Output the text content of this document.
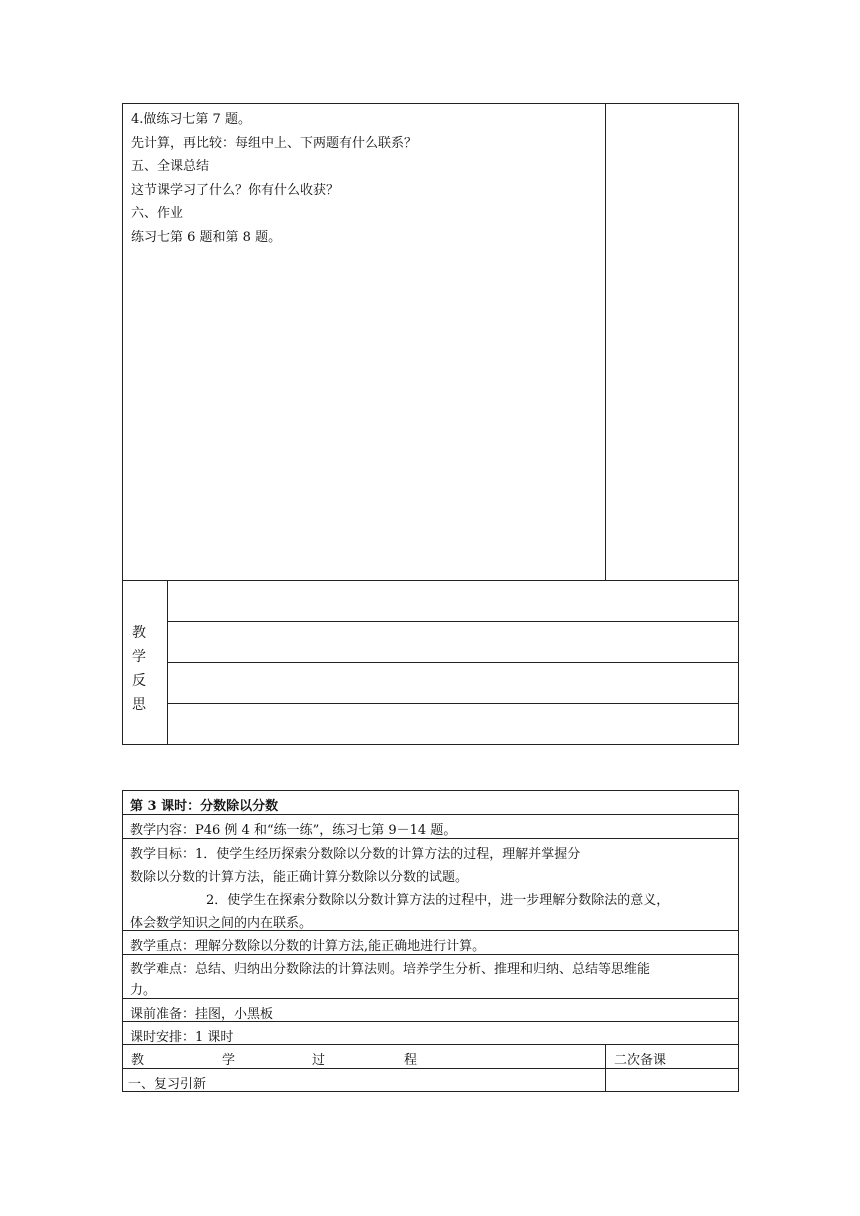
4.做练习七第 7 题。
先计算，再比较：每组中上、下两题有什么联系？
五、全课总结
这节课学习了什么？你有什么收获？
六、作业
练习七第 6 题和第 8 题。
教
学
反
思
第 3 课时：分数除以分数
教学内容：P46 例 4 和“练一练”，练习七第 9－14 题。
教学目标：1．使学生经历探索分数除以分数的计算方法的过程，理解并掌握分
数除以分数的计算方法，能正确计算分数除以分数的试题。
2．使学生在探索分数除以分数计算方法的过程中，进一步理解分数除法的意义，
体会数学知识之间的内在联系。
教学重点：理解分数除以分数的计算方法,能正确地进行计算。
教学难点：总结、归纳出分数除法的计算法则。培养学生分析、推理和归纳、总结等思维能
力。
课前准备：挂图，小黑板
课时安排：1 课时
教	学	过	程	二次备课
一、复习引新
